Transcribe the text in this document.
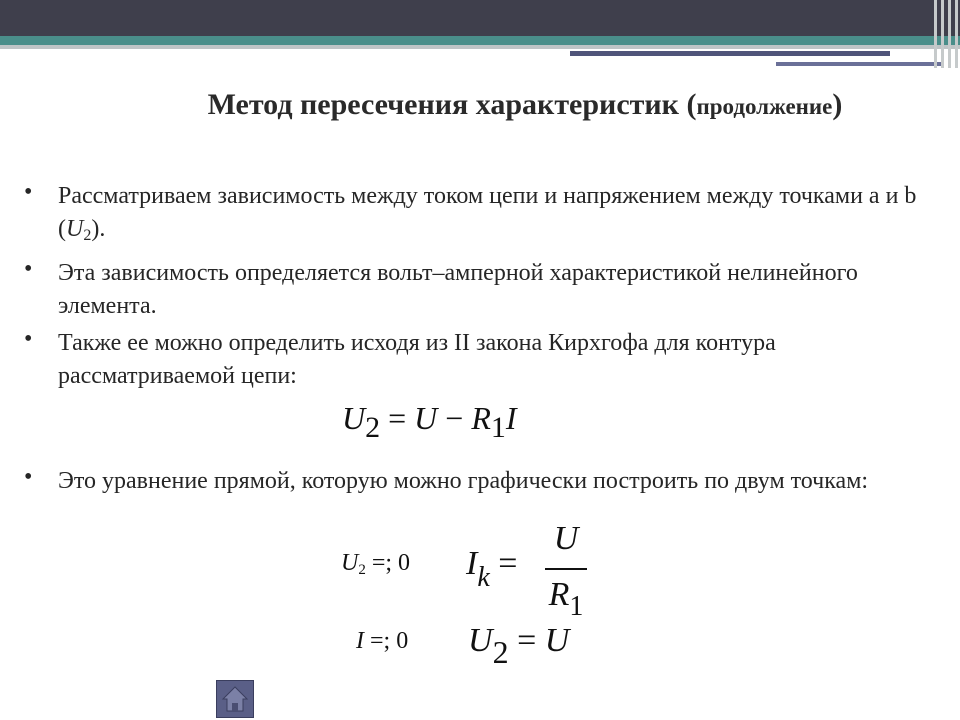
Метод пересечения характеристик (продолжение)
• Рассматриваем зависимость между током цепи и напряжением между точками a и b $(U_2)$.
• Эта зависимость определяется вольт–амперной характеристикой нелинейного элемента.
• Также ее можно определить исходя из II закона Кирхгофа для контура рассматриваемой цепи:
• Это уравнение прямой, которую можно графически построить по двум точкам:
U2 = U − R1I
$U_2$ =; 0 $I_k$ =
U
$R_1$
I =; 0 U2 = U
